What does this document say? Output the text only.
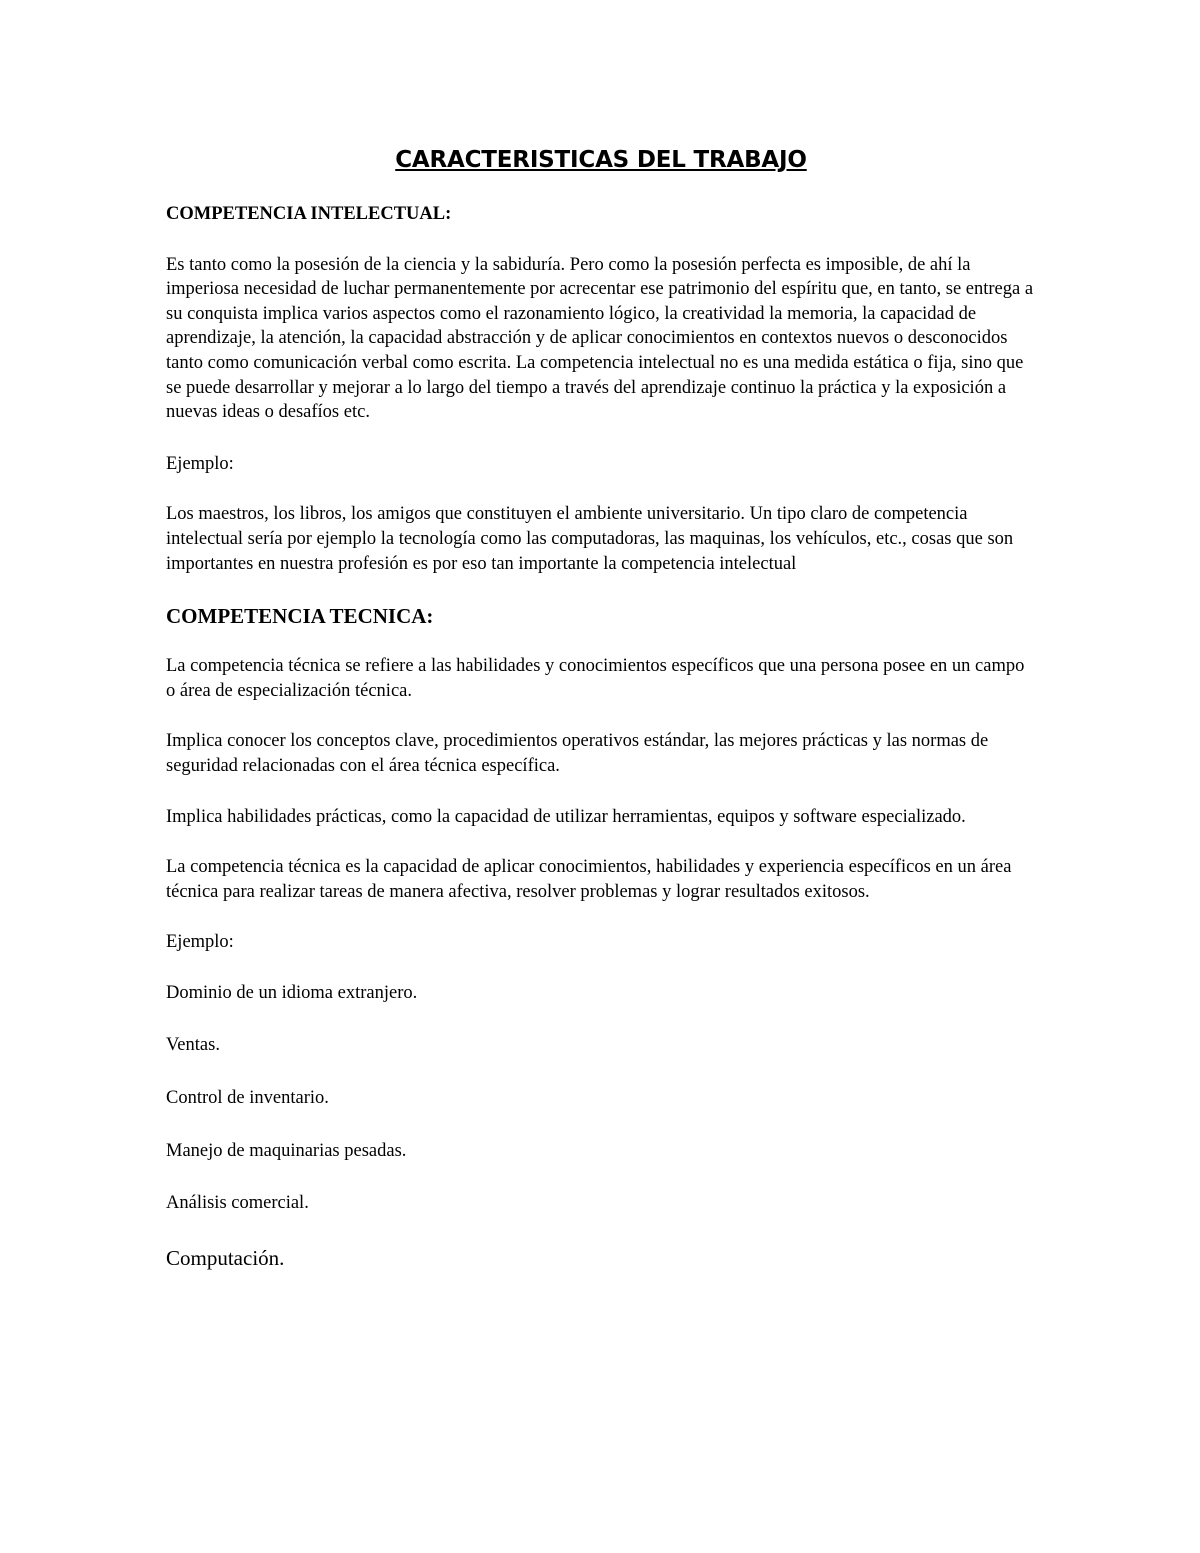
CARACTERISTICAS DEL TRABAJO
COMPETENCIA INTELECTUAL:

Es tanto como la posesión de la ciencia y la sabiduría. Pero como la posesión perfecta es imposible, de ahí la imperiosa necesidad de luchar permanentemente por acrecentar ese patrimonio del espíritu que, en tanto, se entrega a su conquista implica varios aspectos como el razonamiento lógico, la creatividad la memoria, la capacidad de aprendizaje, la atención, la capacidad abstracción y de aplicar conocimientos en contextos nuevos o desconocidos tanto como comunicación verbal como escrita. La competencia intelectual no es una medida estática o fija, sino que se puede desarrollar y mejorar a lo largo del tiempo a través del aprendizaje continuo la práctica y la exposición a nuevas ideas o desafíos etc.

Ejemplo:

Los maestros, los libros, los amigos que constituyen el ambiente universitario. Un tipo claro de competencia intelectual sería por ejemplo la tecnología como las computadoras, las maquinas, los vehículos, etc., cosas que son importantes en nuestra profesión es por eso tan importante la competencia intelectual

COMPETENCIA TECNICA:

La competencia técnica se refiere a las habilidades y conocimientos específicos que una persona posee en un campo o área de especialización técnica.

Implica conocer los conceptos clave, procedimientos operativos estándar, las mejores prácticas y las normas de seguridad relacionadas con el área técnica específica.

Implica habilidades prácticas, como la capacidad de utilizar herramientas, equipos y software especializado.

La competencia técnica es la capacidad de aplicar conocimientos, habilidades y experiencia específicos en un área técnica para realizar tareas de manera afectiva, resolver problemas y lograr resultados exitosos.

Ejemplo:

Dominio de un idioma extranjero.

Ventas.

Control de inventario.

Manejo de maquinarias pesadas.

Análisis comercial.

Computación.
